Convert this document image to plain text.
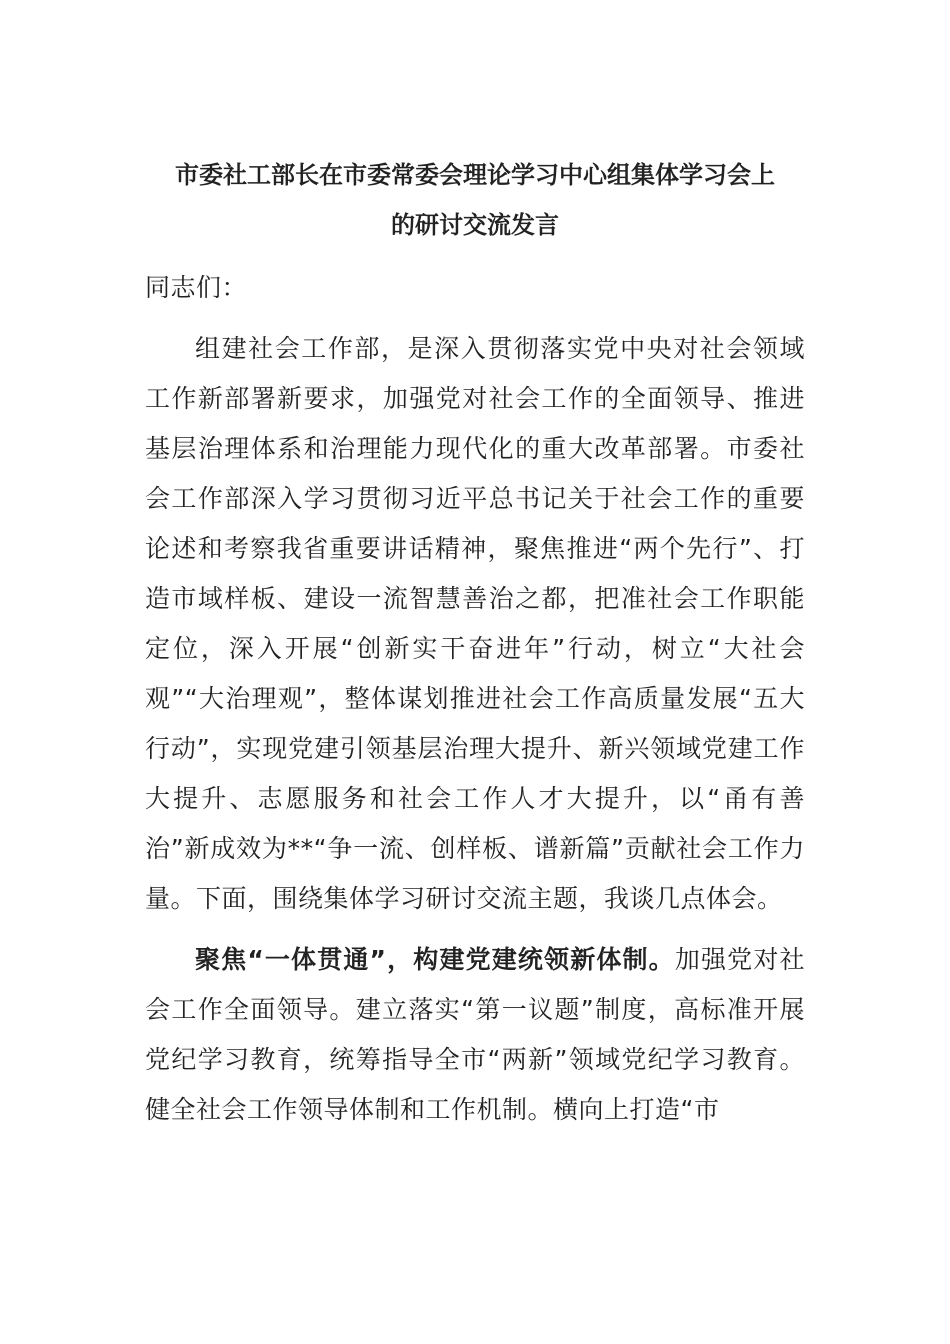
市委社工部长在市委常委会理论学习中心组集体学习会上
的研讨交流发言

同志们：

组建社会工作部，是深入贯彻落实党中央对社会领域工作新部署新要求，加强党对社会工作的全面领导、推进基层治理体系和治理能力现代化的重大改革部署。市委社会工作部深入学习贯彻习近平总书记关于社会工作的重要论述和考察我省重要讲话精神，聚焦推进“两个先行”、打造市域样板、建设一流智慧善治之都，把准社会工作职能定位，深入开展“创新实干奋进年”行动，树立“大社会观”“大治理观”，整体谋划推进社会工作高质量发展“五大行动”，实现党建引领基层治理大提升、新兴领域党建工作大提升、志愿服务和社会工作人才大提升，以“甬有善治”新成效为**“争一流、创样板、谱新篇”贡献社会工作力量。下面，围绕集体学习研讨交流主题，我谈几点体会。

聚焦“一体贯通”，构建党建统领新体制。加强党对社会工作全面领导。建立落实“第一议题”制度，高标准开展党纪学习教育，统筹指导全市“两新”领域党纪学习教育。健全社会工作领导体制和工作机制。横向上打造“市
